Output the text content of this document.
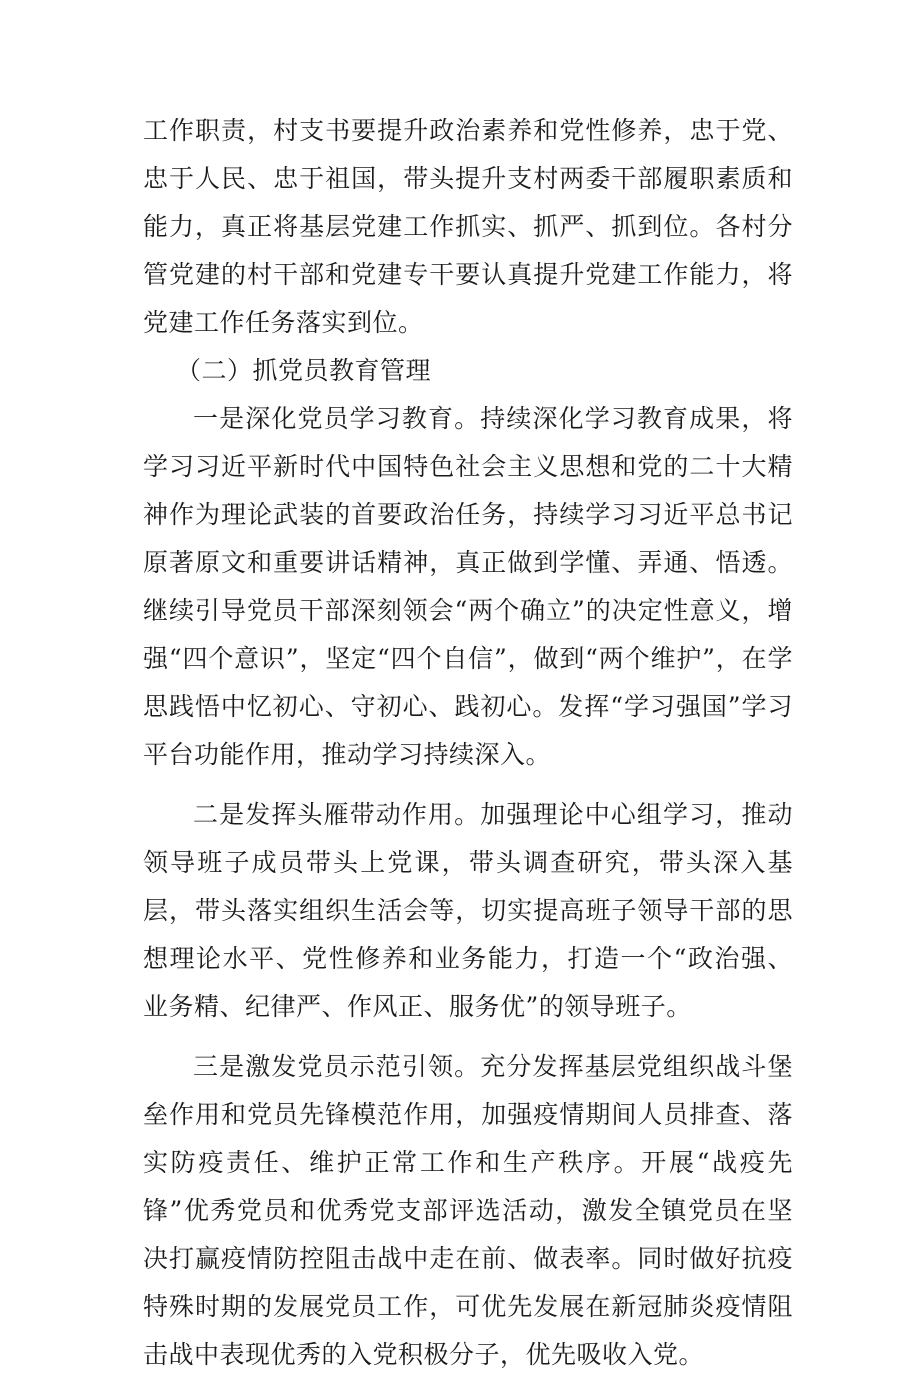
工作职责，村支书要提升政治素养和党性修养，忠于党、忠于人民、忠于祖国，带头提升支村两委干部履职素质和能力，真正将基层党建工作抓实、抓严、抓到位。各村分管党建的村干部和党建专干要认真提升党建工作能力，将党建工作任务落实到位。

（二）抓党员教育管理

一是深化党员学习教育。持续深化学习教育成果，将学习习近平新时代中国特色社会主义思想和党的二十大精神作为理论武装的首要政治任务，持续学习习近平总书记原著原文和重要讲话精神，真正做到学懂、弄通、悟透。继续引导党员干部深刻领会“两个确立”的决定性意义，增强“四个意识”，坚定“四个自信”，做到“两个维护”，在学思践悟中忆初心、守初心、践初心。发挥“学习强国”学习平台功能作用，推动学习持续深入。

二是发挥头雁带动作用。加强理论中心组学习，推动领导班子成员带头上党课，带头调查研究，带头深入基层，带头落实组织生活会等，切实提高班子领导干部的思想理论水平、党性修养和业务能力，打造一个“政治强、业务精、纪律严、作风正、服务优”的领导班子。

三是激发党员示范引领。充分发挥基层党组织战斗堡垒作用和党员先锋模范作用，加强疫情期间人员排查、落实防疫责任、维护正常工作和生产秩序。开展“战疫先锋”优秀党员和优秀党支部评选活动，激发全镇党员在坚决打赢疫情防控阻击战中走在前、做表率。同时做好抗疫特殊时期的发展党员工作，可优先发展在新冠肺炎疫情阻击战中表现优秀的入党积极分子，优先吸收入党。
